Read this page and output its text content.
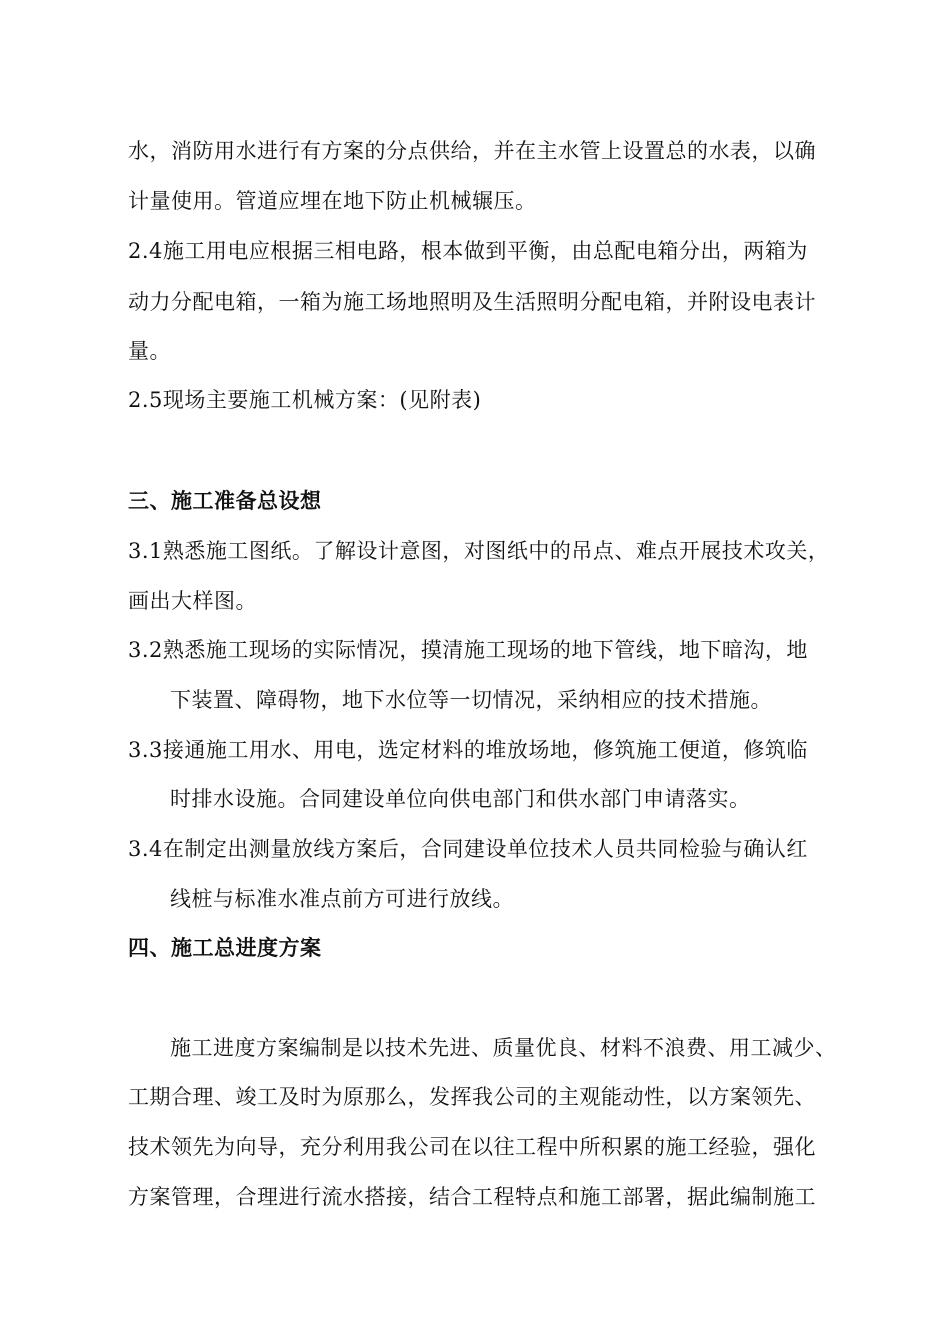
水，消防用水进行有方案的分点供给，并在主水管上设置总的水表，以确
计量使用。管道应埋在地下防止机械辗压。
2.4施工用电应根据三相电路，根本做到平衡，由总配电箱分出，两箱为
动力分配电箱，一箱为施工场地照明及生活照明分配电箱，并附设电表计
量。
2.5现场主要施工机械方案：(见附表)
三、施工准备总设想
3.1熟悉施工图纸。了解设计意图，对图纸中的吊点、难点开展技术攻关，
画出大样图。
3.2熟悉施工现场的实际情况，摸清施工现场的地下管线，地下暗沟，地
下装置、障碍物，地下水位等一切情况，采纳相应的技术措施。
3.3接通施工用水、用电，选定材料的堆放场地，修筑施工便道，修筑临
时排水设施。合同建设单位向供电部门和供水部门申请落实。
3.4在制定出测量放线方案后，合同建设单位技术人员共同检验与确认红
线桩与标准水准点前方可进行放线。
四、施工总进度方案
施工进度方案编制是以技术先进、质量优良、材料不浪费、用工减少、
工期合理、竣工及时为原那么，发挥我公司的主观能动性，以方案领先、
技术领先为向导，充分利用我公司在以往工程中所积累的施工经验，强化
方案管理，合理进行流水搭接，结合工程特点和施工部署，据此编制施工
